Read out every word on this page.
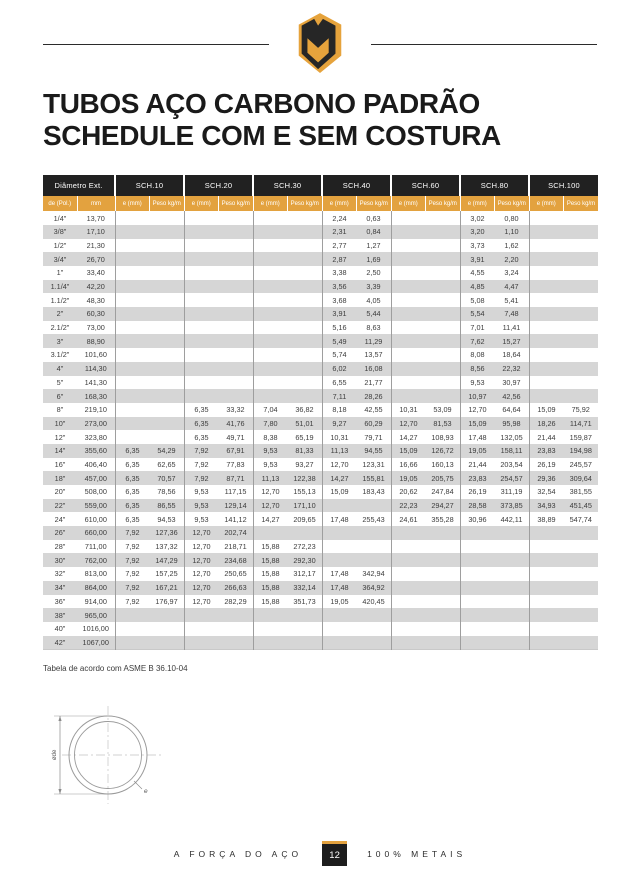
TUBOS AÇO CARBONO PADRÃO
SCHEDULE COM E SEM COSTURA
Diâmetro Ext.		SCH.10		SCH.20		SCH.30		SCH.40		SCH.60		SCH.80		SCH.100	
de (Pol.)	mm	e (mm)	Peso kg/m	e (mm)	Peso kg/m	e (mm)	Peso kg/m	e (mm)	Peso kg/m	e (mm)	Peso kg/m	e (mm)	Peso kg/m	e (mm)	Peso kg/m
1/4"	13,70							2,24	0,63			3,02	0,80		
3/8"	17,10							2,31	0,84			3,20	1,10		
1/2"	21,30							2,77	1,27			3,73	1,62		
3/4"	26,70							2,87	1,69			3,91	2,20		
1"	33,40							3,38	2,50			4,55	3,24		
1.1/4"	42,20							3,56	3,39			4,85	4,47		
1.1/2"	48,30							3,68	4,05			5,08	5,41		
2"	60,30							3,91	5,44			5,54	7,48		
2.1/2"	73,00							5,16	8,63			7,01	11,41		
3"	88,90							5,49	11,29			7,62	15,27		
3.1/2"	101,60							5,74	13,57			8,08	18,64		
4"	114,30							6,02	16,08			8,56	22,32		
5"	141,30							6,55	21,77			9,53	30,97		
6"	168,30							7,11	28,26			10,97	42,56		
8"	219,10			6,35	33,32	7,04	36,82	8,18	42,55	10,31	53,09	12,70	64,64	15,09	75,92
10"	273,00			6,35	41,76	7,80	51,01	9,27	60,29	12,70	81,53	15,09	95,98	18,26	114,71
12"	323,80			6,35	49,71	8,38	65,19	10,31	79,71	14,27	108,93	17,48	132,05	21,44	159,87
14"	355,60	6,35	54,29	7,92	67,91	9,53	81,33	11,13	94,55	15,09	126,72	19,05	158,11	23,83	194,98
16"	406,40	6,35	62,65	7,92	77,83	9,53	93,27	12,70	123,31	16,66	160,13	21,44	203,54	26,19	245,57
18"	457,00	6,35	70,57	7,92	87,71	11,13	122,38	14,27	155,81	19,05	205,75	23,83	254,57	29,36	309,64
20"	508,00	6,35	78,56	9,53	117,15	12,70	155,13	15,09	183,43	20,62	247,84	26,19	311,19	32,54	381,55
22"	559,00	6,35	86,55	9,53	129,14	12,70	171,10			22,23	294,27	28,58	373,85	34,93	451,45
24"	610,00	6,35	94,53	9,53	141,12	14,27	209,65	17,48	255,43	24,61	355,28	30,96	442,11	38,89	547,74
26"	660,00	7,92	127,36	12,70	202,74										
28"	711,00	7,92	137,32	12,70	218,71	15,88	272,23								
30"	762,00	7,92	147,29	12,70	234,68	15,88	292,30								
32"	813,00	7,92	157,25	12,70	250,65	15,88	312,17	17,48	342,94						
34"	864,00	7,92	167,21	12,70	266,63	15,88	332,14	17,48	364,92						
36"	914,00	7,92	176,97	12,70	282,29	15,88	351,73	19,05	420,45						
38"	965,00														
40"	1016,00														
42"	1067,00														

Tabela de acordo com ASME B 36.10-04

øde
e
A FORÇA DO AÇO	12	100% METAIS
